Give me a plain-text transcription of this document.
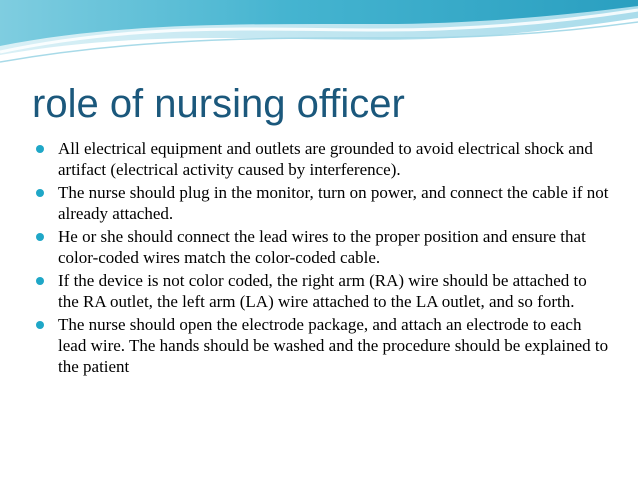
role of nursing officer
All electrical equipment and outlets are grounded to avoid electrical shock and artifact (electrical activity caused by interference).
The nurse should plug in the monitor, turn on power, and connect the cable if not already attached.
He or she should connect the lead wires to the proper position and ensure that color-coded wires match the color-coded cable.
If the device is not color coded, the right arm (RA) wire should be attached to the RA outlet, the left arm (LA) wire attached to the LA outlet, and so forth.
The nurse should open the electrode package, and attach an electrode to each lead wire. The hands should be washed and the procedure should be explained to the patient
